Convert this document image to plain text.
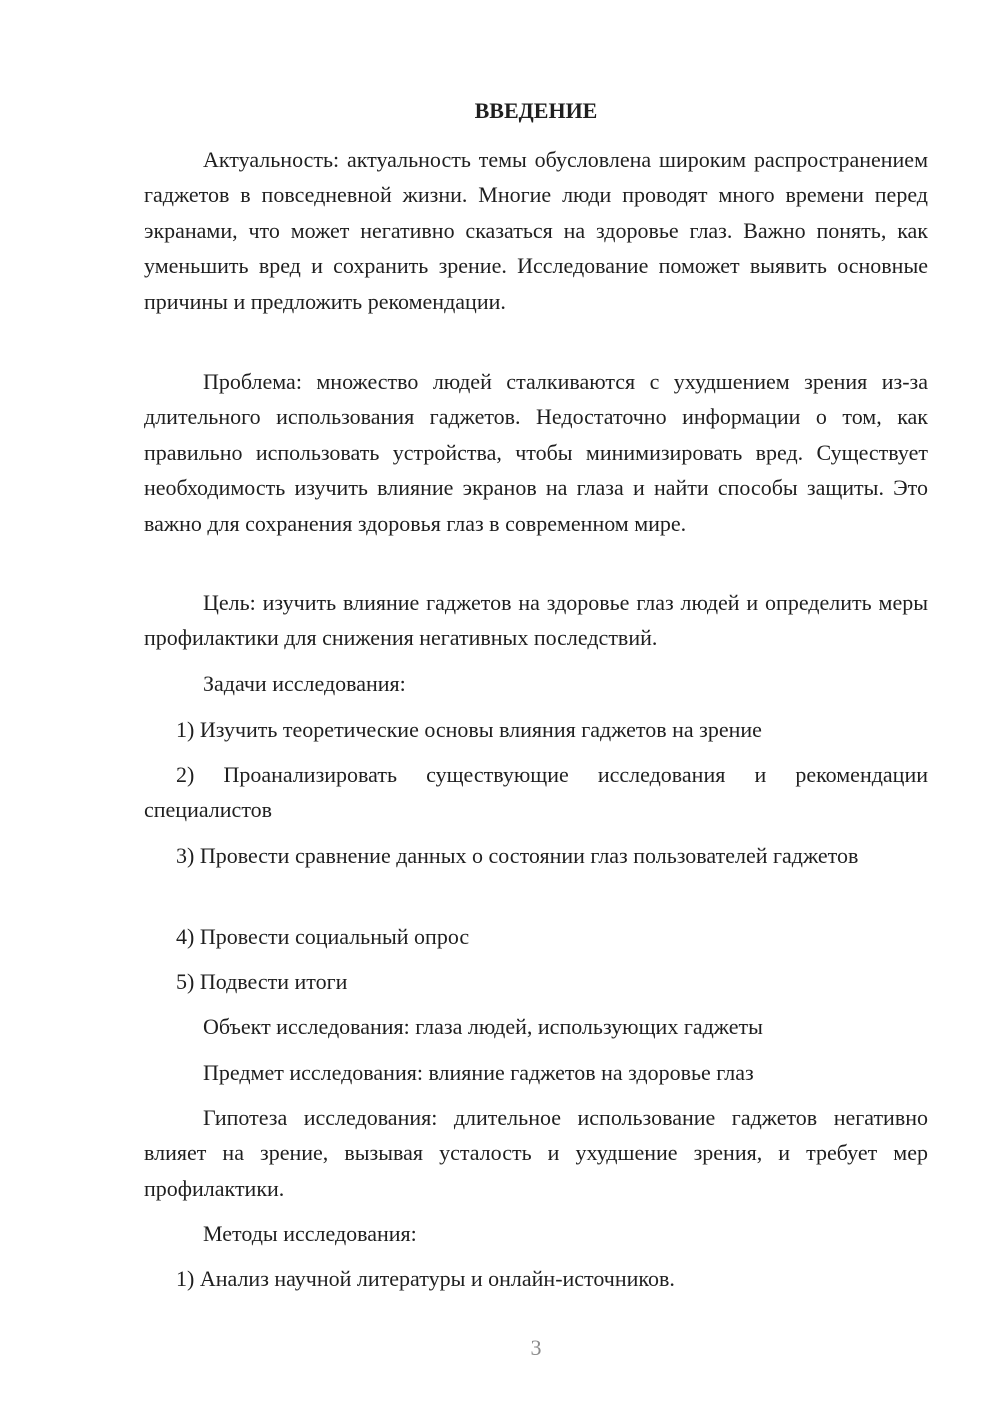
ВВЕДЕНИЕ

Актуальность: актуальность темы обусловлена широким распространением гаджетов в повседневной жизни. Многие люди проводят много времени перед экранами, что может негативно сказаться на здоровье глаз. Важно понять, как уменьшить вред и сохранить зрение. Исследование поможет выявить основные причины и предложить рекомендации.

Проблема: множество людей сталкиваются с ухудшением зрения из-за длительного использования гаджетов. Недостаточно информации о том, как правильно использовать устройства, чтобы минимизировать вред. Существует необходимость изучить влияние экранов на глаза и найти способы защиты. Это важно для сохранения здоровья глаз в современном мире.

Цель: изучить влияние гаджетов на здоровье глаз людей и определить меры профилактики для снижения негативных последствий.

Задачи исследования:

1) Изучить теоретические основы влияния гаджетов на зрение

2) Проанализировать существующие исследования и рекомендации специалистов

3) Провести сравнение данных о состоянии глаз пользователей гаджетов

4) Провести социальный опрос

5) Подвести итоги

Объект исследования: глаза людей, использующих гаджеты

Предмет исследования: влияние гаджетов на здоровье глаз

Гипотеза исследования: длительное использование гаджетов негативно влияет на зрение, вызывая усталость и ухудшение зрения, и требует мер профилактики.

Методы исследования:

1) Анализ научной литературы и онлайн-источников.

3
